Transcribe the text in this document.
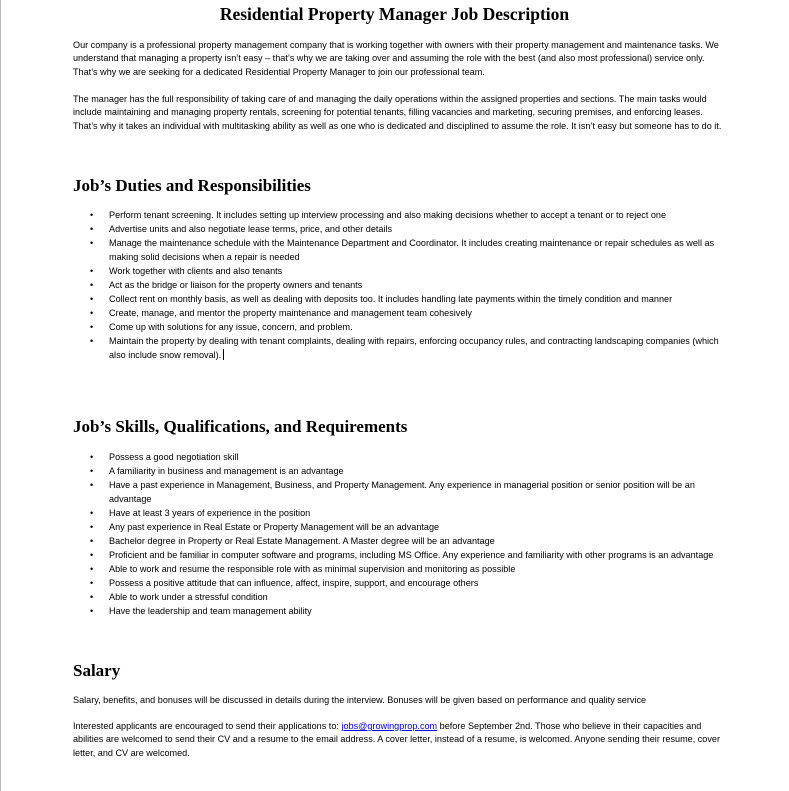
Residential Property Manager Job Description

Our company is a professional property management company that is working together with owners with their property management and maintenance tasks. We understand that managing a property isn’t easy – that’s why we are taking over and assuming the role with the best (and also most professional) service only. That’s why we are seeking for a dedicated Residential Property Manager to join our professional team.

The manager has the full responsibility of taking care of and managing the daily operations within the assigned properties and sections. The main tasks would include maintaining and managing property rentals, screening for potential tenants, filling vacancies and marketing, securing premises, and enforcing leases. That’s why it takes an individual with multitasking ability as well as one who is dedicated and disciplined to assume the role. It isn’t easy but someone has to do it.

Job’s Duties and Responsibilities
• Perform tenant screening. It includes setting up interview processing and also making decisions whether to accept a tenant or to reject one
• Advertise units and also negotiate lease terms, price, and other details
• Manage the maintenance schedule with the Maintenance Department and Coordinator. It includes creating maintenance or repair schedules as well as making solid decisions when a repair is needed
• Work together with clients and also tenants
• Act as the bridge or liaison for the property owners and tenants
• Collect rent on monthly basis, as well as dealing with deposits too. It includes handling late payments within the timely condition and manner
• Create, manage, and mentor the property maintenance and management team cohesively
• Come up with solutions for any issue, concern, and problem.
• Maintain the property by dealing with tenant complaints, dealing with repairs, enforcing occupancy rules, and contracting landscaping companies (which also include snow removal).
Job’s Skills, Qualifications, and Requirements
• Possess a good negotiation skill
• A familiarity in business and management is an advantage
• Have a past experience in Management, Business, and Property Management. Any experience in managerial position or senior position will be an advantage
• Have at least 3 years of experience in the position
• Any past experience in Real Estate or Property Management will be an advantage
• Bachelor degree in Property or Real Estate Management. A Master degree will be an advantage
• Proficient and be familiar in computer software and programs, including MS Office. Any experience and familiarity with other programs is an advantage
• Able to work and resume the responsible role with as minimal supervision and monitoring as possible
• Possess a positive attitude that can influence, affect, inspire, support, and encourage others
• Able to work under a stressful condition
• Have the leadership and team management ability
Salary

Salary, benefits, and bonuses will be discussed in details during the interview. Bonuses will be given based on performance and quality service

Interested applicants are encouraged to send their applications to: jobs@growingprop.com before September 2nd. Those who believe in their capacities and abilities are welcomed to send their CV and a resume to the email address. A cover letter, instead of a resume, is welcomed. Anyone sending their resume, cover letter, and CV are welcomed.
